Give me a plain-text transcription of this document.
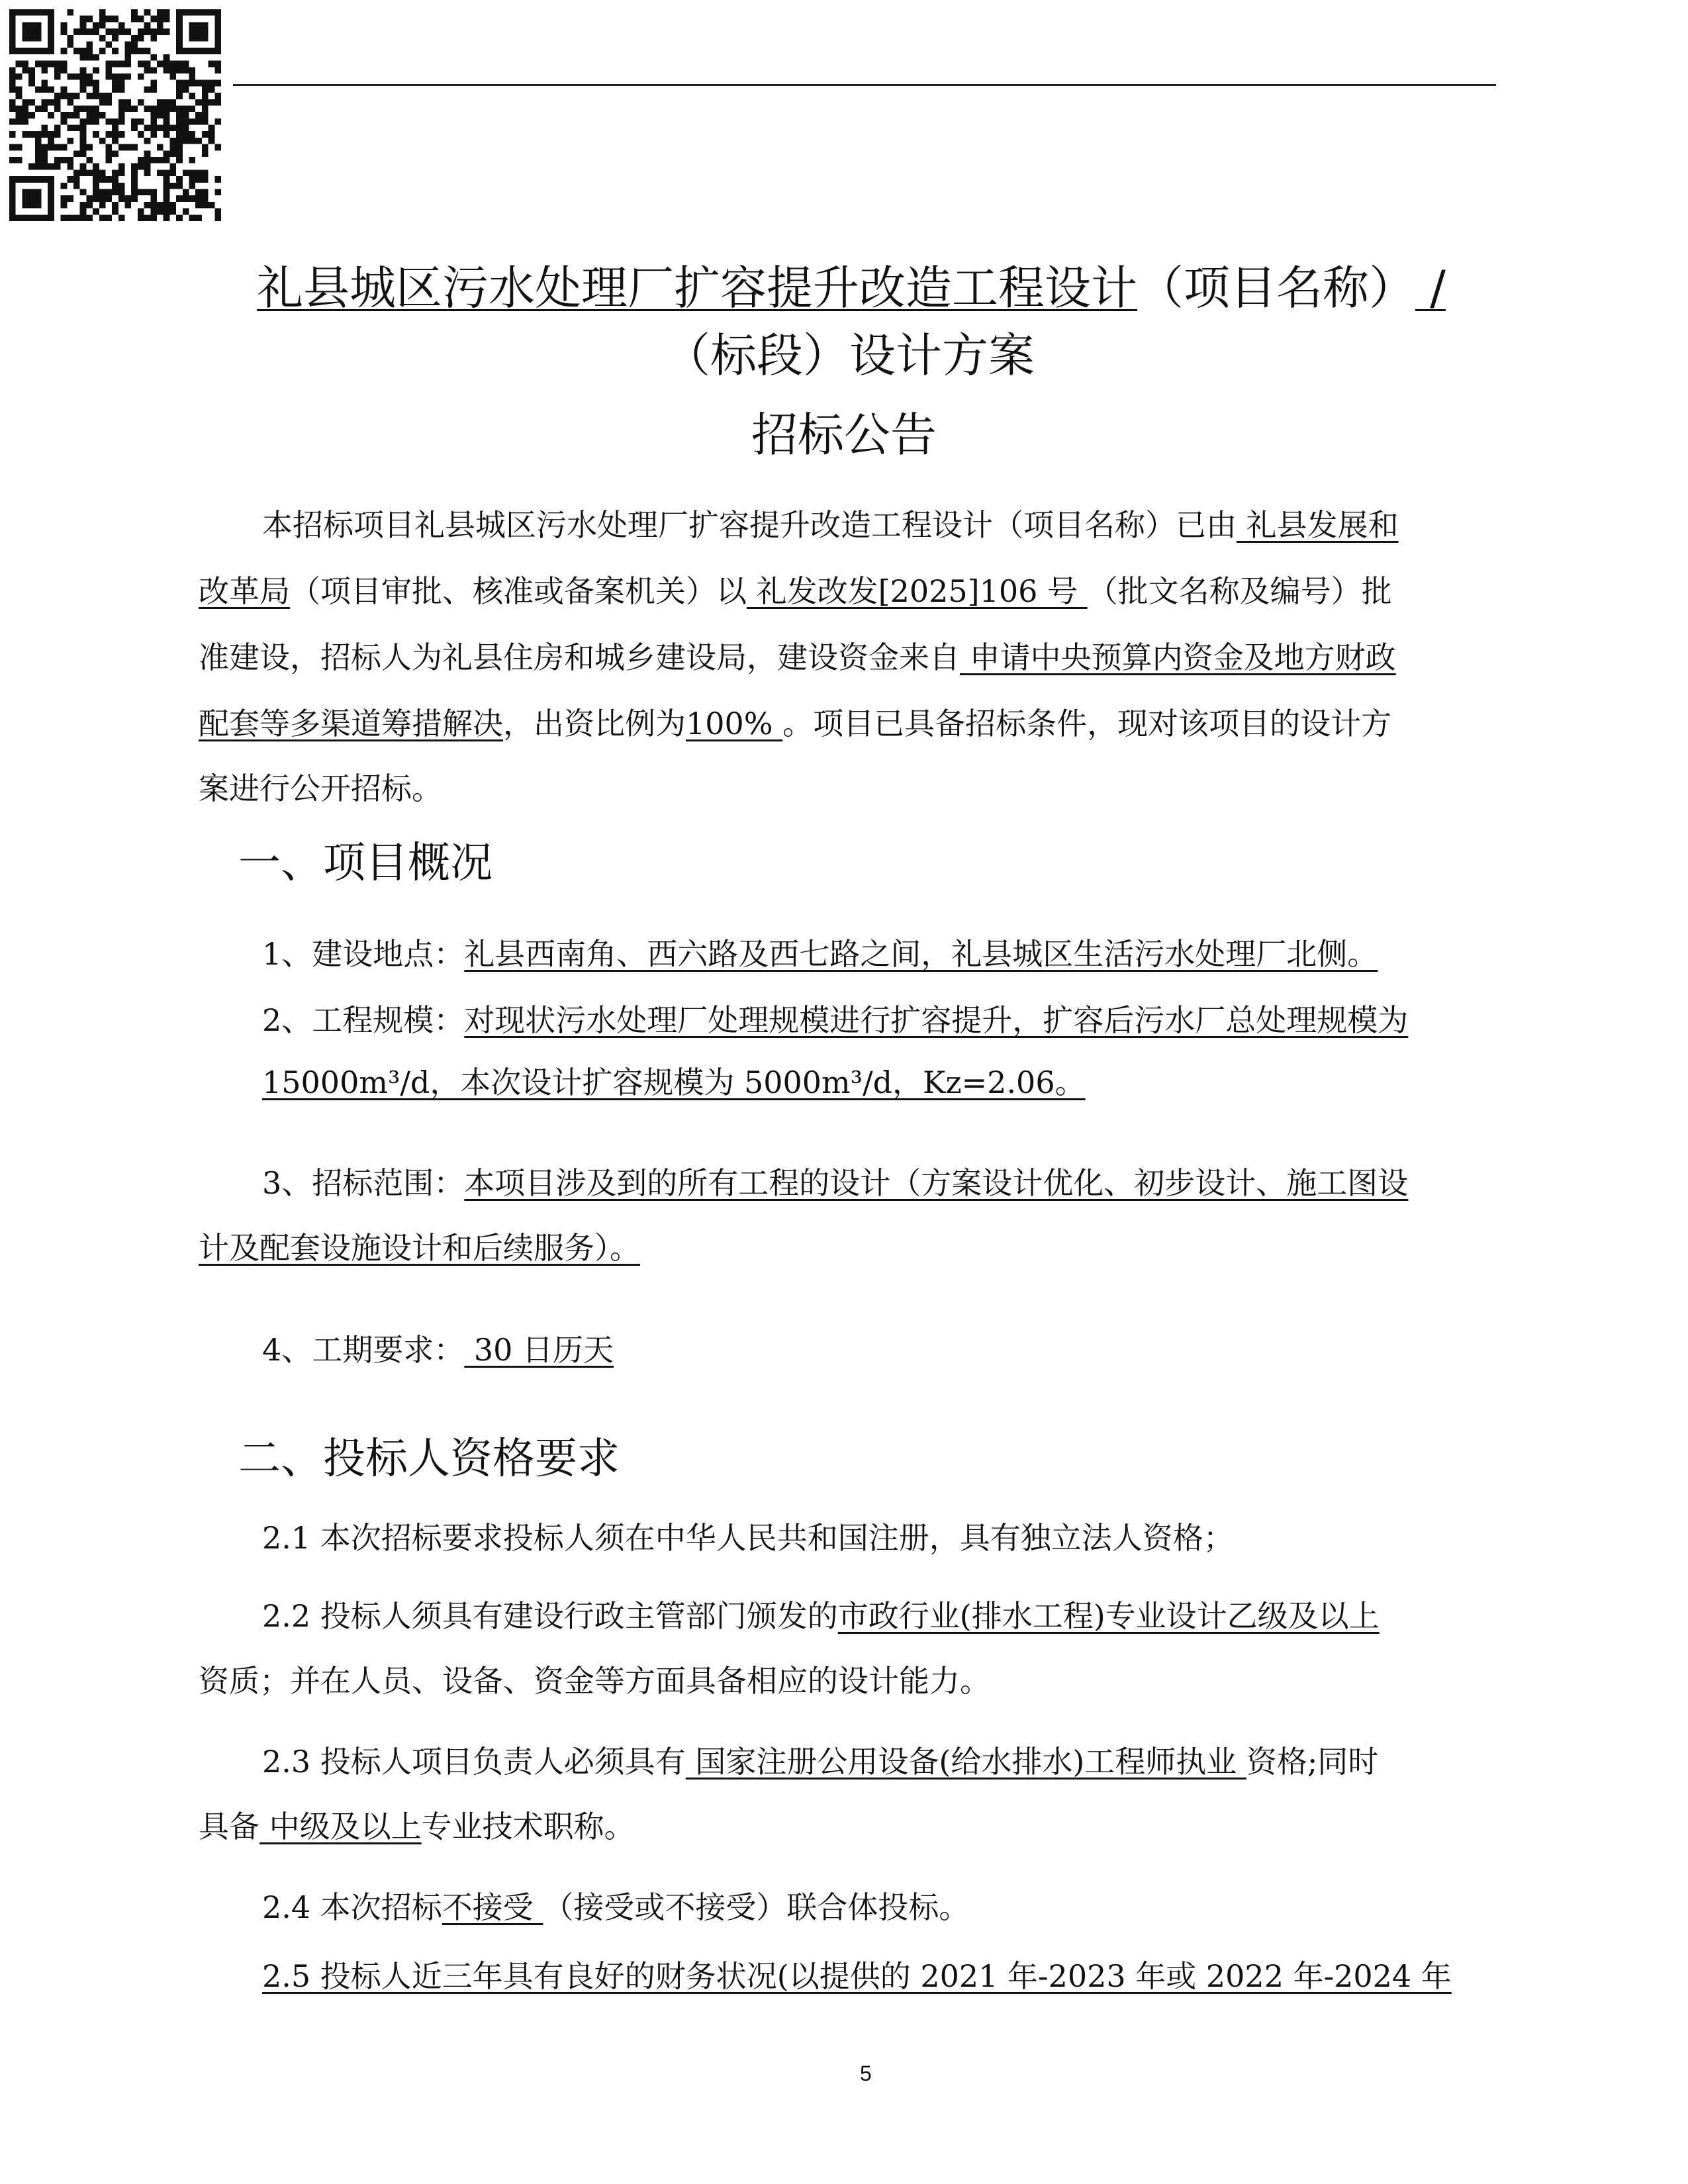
礼县城区污水处理厂扩容提升改造工程设计（项目名称） /
（标段）设计方案
招标公告
本招标项目礼县城区污水处理厂扩容提升改造工程设计（项目名称）已由 礼县发展和
改革局（项目审批、核准或备案机关）以 礼发改发[2025]106 号 （批文名称及编号）批
准建设，招标人为礼县住房和城乡建设局，建设资金来自 申请中央预算内资金及地方财政
配套等多渠道筹措解决，出资比例为100% 。项目已具备招标条件，现对该项目的设计方
案进行公开招标。
一、项目概况
1、建设地点：礼县西南角、西六路及西七路之间，礼县城区生活污水处理厂北侧。
2、工程规模：对现状污水处理厂处理规模进行扩容提升，扩容后污水厂总处理规模为
15000m³/d，本次设计扩容规模为 5000m³/d，Kz=2.06。
3、招标范围：本项目涉及到的所有工程的设计（方案设计优化、初步设计、施工图设
计及配套设施设计和后续服务）。
4、工期要求： 30 日历天
二、投标人资格要求
2.1 本次招标要求投标人须在中华人民共和国注册，具有独立法人资格；
2.2 投标人须具有建设行政主管部门颁发的市政行业(排水工程)专业设计乙级及以上
资质；并在人员、设备、资金等方面具备相应的设计能力。
2.3 投标人项目负责人必须具有 国家注册公用设备(给水排水)工程师执业 资格;同时
具备 中级及以上专业技术职称。
2.4 本次招标不接受 （接受或不接受）联合体投标。
2.5 投标人近三年具有良好的财务状况(以提供的 2021 年-2023 年或 2022 年-2024 年
5
